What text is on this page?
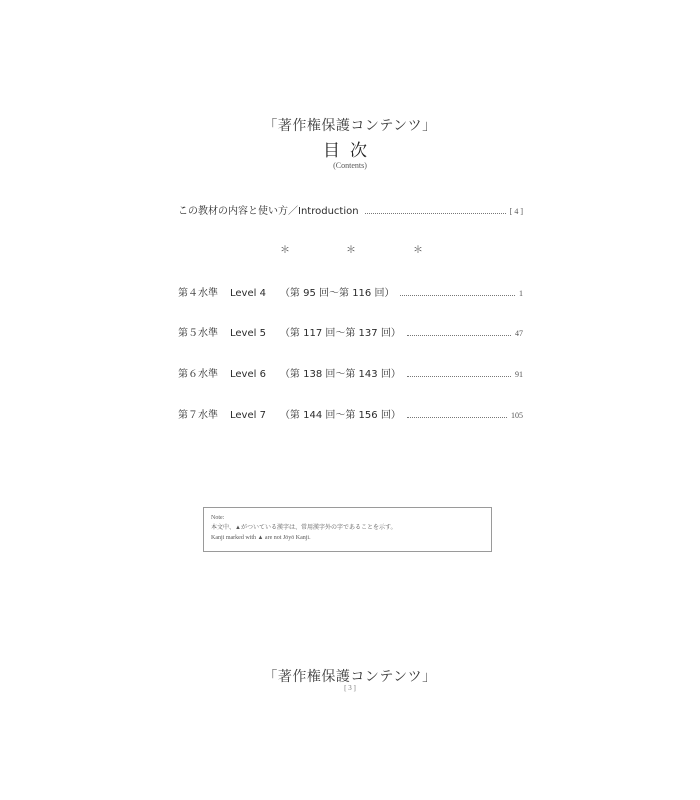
「著作権保護コンテンツ」
目次
(Contents)
この教材の内容と使い方／Introduction	[ 4 ]
＊	＊	＊
第４水準 Level 4 （第 95 回〜第 116 回）	1
第５水準 Level 5 （第 117 回〜第 137 回）	47
第６水準 Level 6 （第 138 回〜第 143 回）	91
第７水準 Level 7 （第 144 回〜第 156 回）	105
Note:
本文中、▲がついている漢字は、常用漢字外の字であることを示す。
Kanji marked with ▲ are not Jōyō Kanji.
「著作権保護コンテンツ」
[ 3 ]
